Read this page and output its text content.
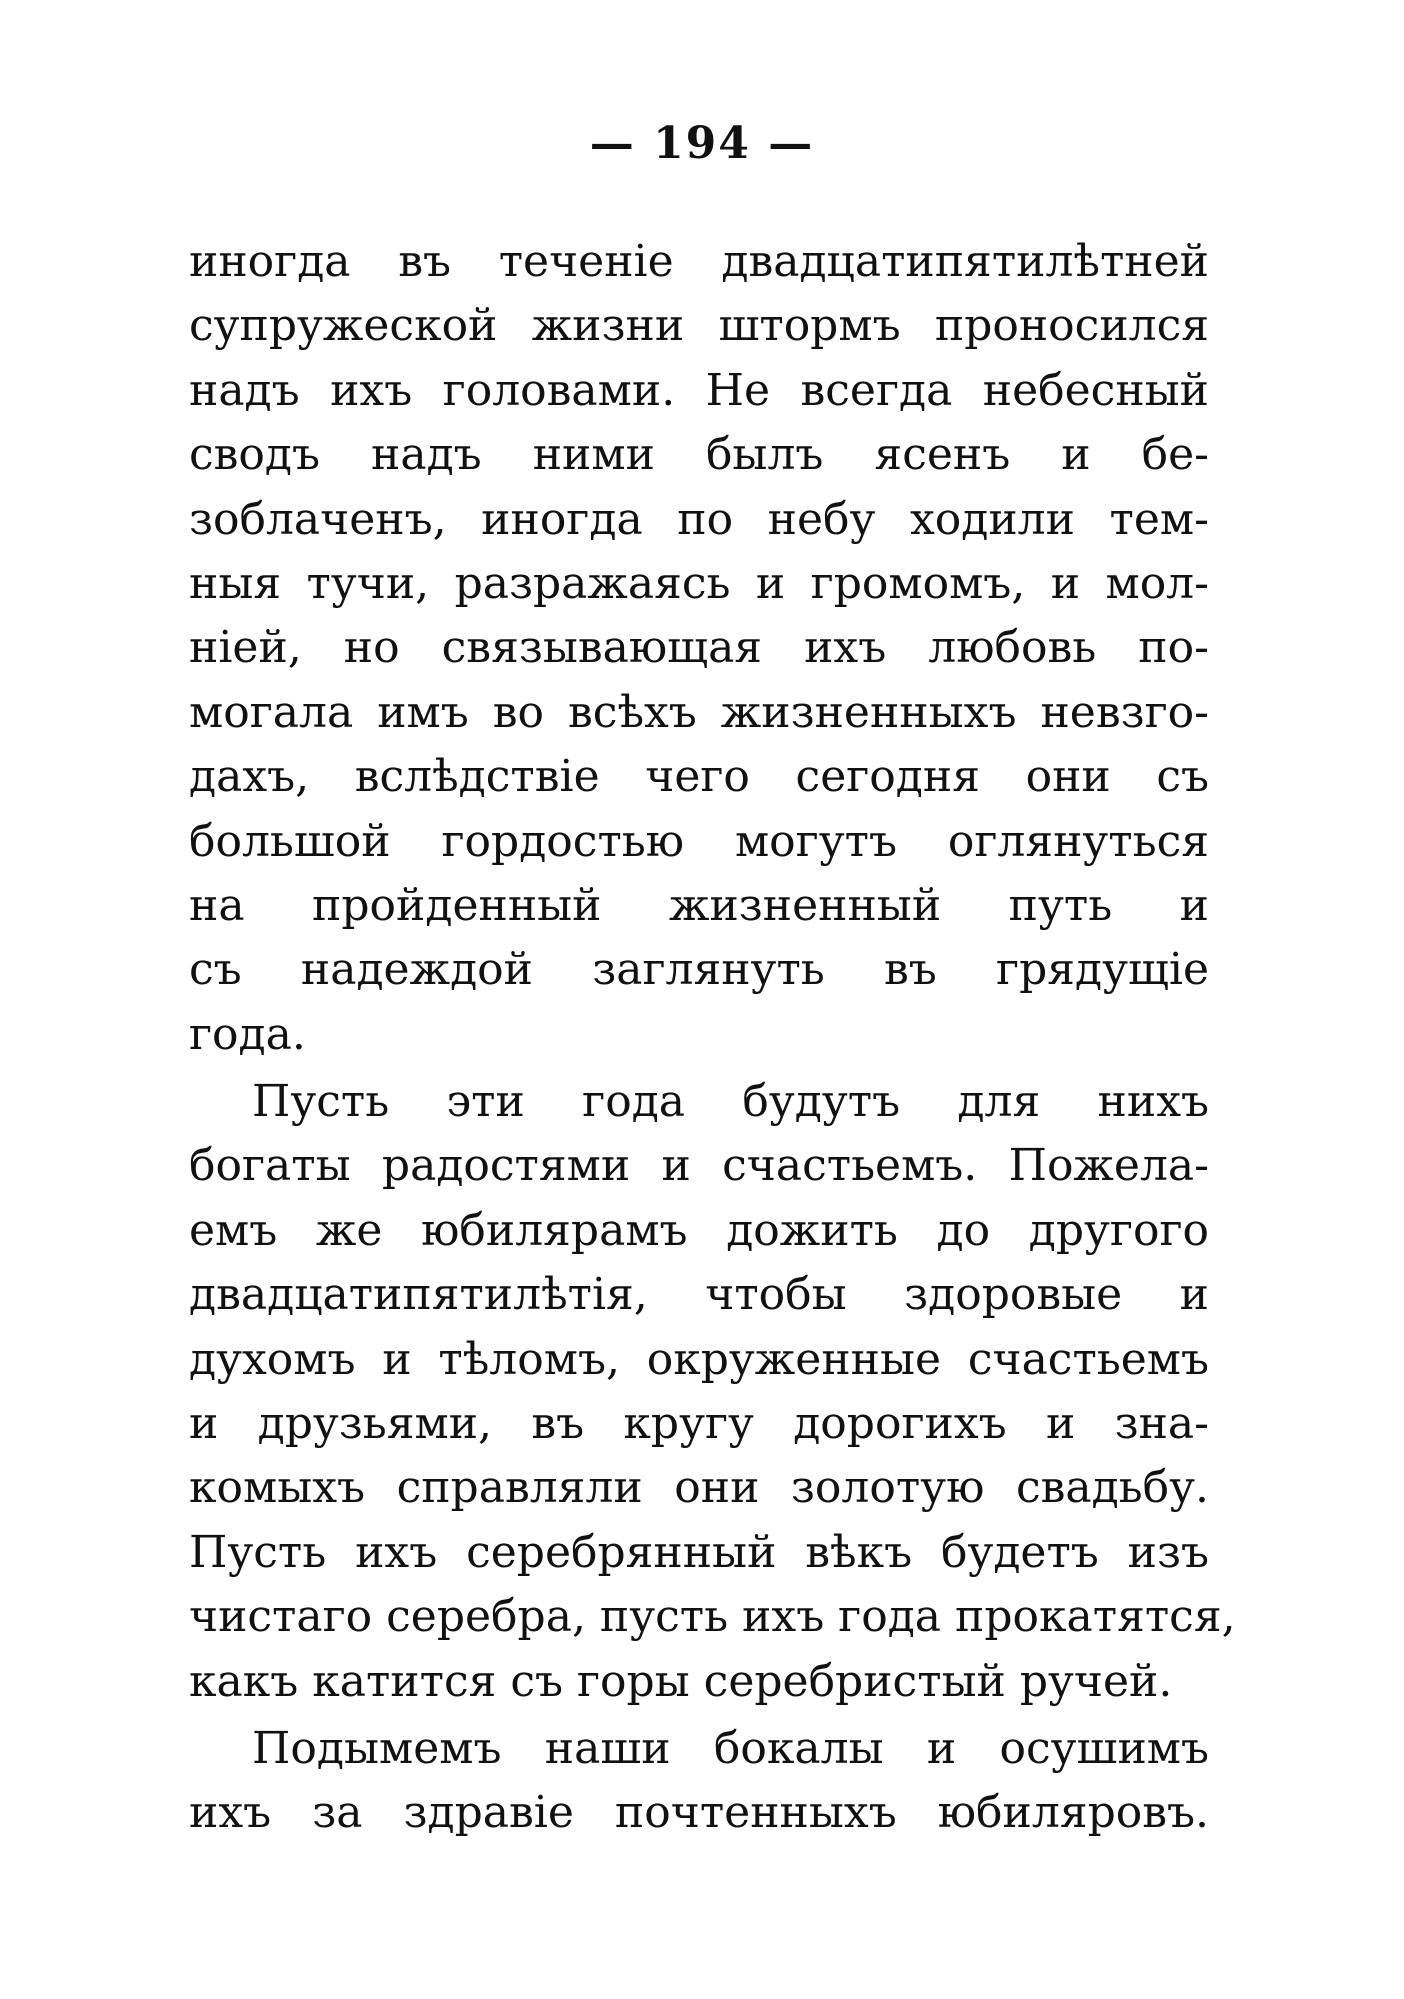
— 194 —
иногда въ теченіе двадцатипятилѣтней
супружеской жизни штормъ проносился
надъ ихъ головами. Не всегда небесный
сводъ надъ ними былъ ясенъ и бе-
зоблаченъ, иногда по небу ходили тем-
ныя тучи, разражаясь и громомъ, и мол-
ніей, но связывающая ихъ любовь по-
могала имъ во всѣхъ жизненныхъ невзго-
дахъ, вслѣдствіе чего сегодня они съ
большой гордостью могутъ оглянуться
на пройденный жизненный путь и
съ надеждой заглянуть въ грядущіе
года.
Пусть эти года будутъ для нихъ
богаты радостями и счастьемъ. Пожела-
емъ же юбилярамъ дожить до другого
двадцатипятилѣтія, чтобы здоровые и
духомъ и тѣломъ, окруженные счастьемъ
и друзьями, въ кругу дорогихъ и зна-
комыхъ справляли они золотую свадьбу.
Пусть ихъ серебрянный вѣкъ будетъ изъ
чистаго серебра, пусть ихъ года прокатятся,
какъ катится съ горы серебристый ручей.
Подымемъ наши бокалы и осушимъ
ихъ за здравіе почтенныхъ юбиляровъ.
